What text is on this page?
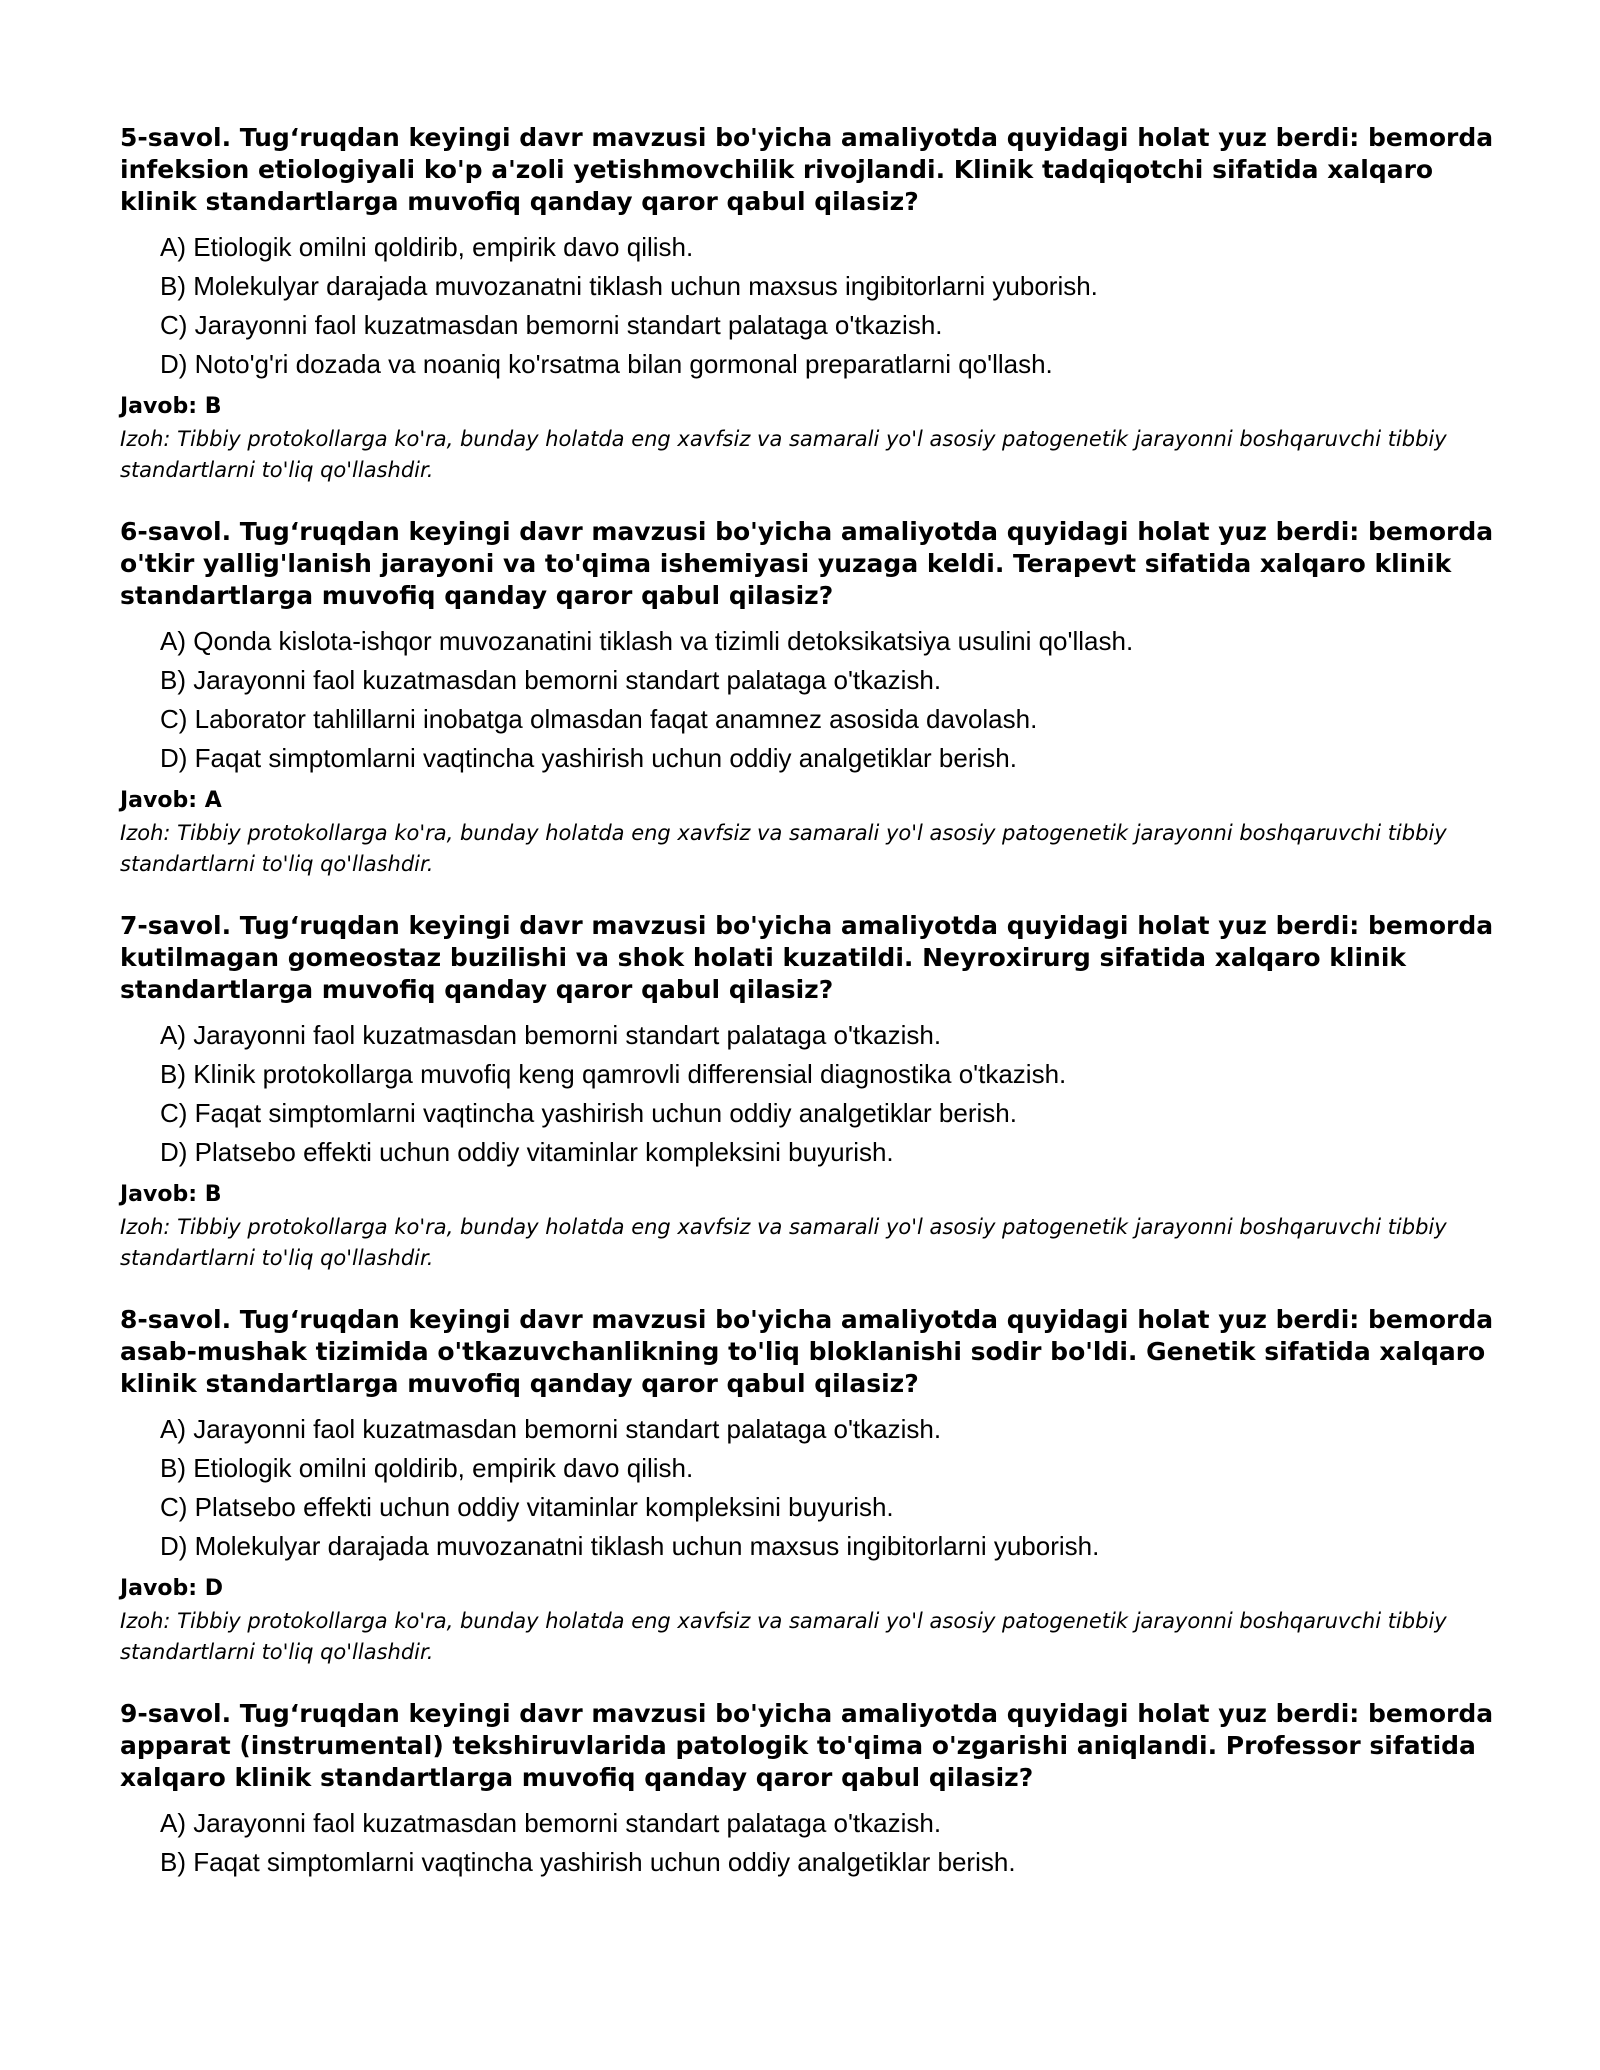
5-savol. Tug‘ruqdan keyingi davr mavzusi bo'yicha amaliyotda quyidagi holat yuz berdi: bemorda infeksion etiologiyali ko'p a'zoli yetishmovchilik rivojlandi. Klinik tadqiqotchi sifatida xalqaro klinik standartlarga muvofiq qanday qaror qabul qilasiz?

A) Etiologik omilni qoldirib, empirik davo qilish.
B) Molekulyar darajada muvozanatni tiklash uchun maxsus ingibitorlarni yuborish.
C) Jarayonni faol kuzatmasdan bemorni standart palataga o'tkazish.
D) Noto'g'ri dozada va noaniq ko'rsatma bilan gormonal preparatlarni qo'llash.

Javob: B

Izoh: Tibbiy protokollarga ko'ra, bunday holatda eng xavfsiz va samarali yo'l asosiy patogenetik jarayonni boshqaruvchi tibbiy standartlarni to'liq qo'llashdir.

6-savol. Tug‘ruqdan keyingi davr mavzusi bo'yicha amaliyotda quyidagi holat yuz berdi: bemorda o'tkir yallig'lanish jarayoni va to'qima ishemiyasi yuzaga keldi. Terapevt sifatida xalqaro klinik standartlarga muvofiq qanday qaror qabul qilasiz?

A) Qonda kislota-ishqor muvozanatini tiklash va tizimli detoksikatsiya usulini qo'llash.
B) Jarayonni faol kuzatmasdan bemorni standart palataga o'tkazish.
C) Laborator tahlillarni inobatga olmasdan faqat anamnez asosida davolash.
D) Faqat simptomlarni vaqtincha yashirish uchun oddiy analgetiklar berish.

Javob: A

Izoh: Tibbiy protokollarga ko'ra, bunday holatda eng xavfsiz va samarali yo'l asosiy patogenetik jarayonni boshqaruvchi tibbiy standartlarni to'liq qo'llashdir.

7-savol. Tug‘ruqdan keyingi davr mavzusi bo'yicha amaliyotda quyidagi holat yuz berdi: bemorda kutilmagan gomeostaz buzilishi va shok holati kuzatildi. Neyroxirurg sifatida xalqaro klinik standartlarga muvofiq qanday qaror qabul qilasiz?

A) Jarayonni faol kuzatmasdan bemorni standart palataga o'tkazish.
B) Klinik protokollarga muvofiq keng qamrovli differensial diagnostika o'tkazish.
C) Faqat simptomlarni vaqtincha yashirish uchun oddiy analgetiklar berish.
D) Platsebo effekti uchun oddiy vitaminlar kompleksini buyurish.

Javob: B

Izoh: Tibbiy protokollarga ko'ra, bunday holatda eng xavfsiz va samarali yo'l asosiy patogenetik jarayonni boshqaruvchi tibbiy standartlarni to'liq qo'llashdir.

8-savol. Tug‘ruqdan keyingi davr mavzusi bo'yicha amaliyotda quyidagi holat yuz berdi: bemorda asab-mushak tizimida o'tkazuvchanlikning to'liq bloklanishi sodir bo'ldi. Genetik sifatida xalqaro klinik standartlarga muvofiq qanday qaror qabul qilasiz?

A) Jarayonni faol kuzatmasdan bemorni standart palataga o'tkazish.
B) Etiologik omilni qoldirib, empirik davo qilish.
C) Platsebo effekti uchun oddiy vitaminlar kompleksini buyurish.
D) Molekulyar darajada muvozanatni tiklash uchun maxsus ingibitorlarni yuborish.

Javob: D

Izoh: Tibbiy protokollarga ko'ra, bunday holatda eng xavfsiz va samarali yo'l asosiy patogenetik jarayonni boshqaruvchi tibbiy standartlarni to'liq qo'llashdir.

9-savol. Tug‘ruqdan keyingi davr mavzusi bo'yicha amaliyotda quyidagi holat yuz berdi: bemorda apparat (instrumental) tekshiruvlarida patologik to'qima o'zgarishi aniqlandi. Professor sifatida xalqaro klinik standartlarga muvofiq qanday qaror qabul qilasiz?

A) Jarayonni faol kuzatmasdan bemorni standart palataga o'tkazish.
B) Faqat simptomlarni vaqtincha yashirish uchun oddiy analgetiklar berish.
